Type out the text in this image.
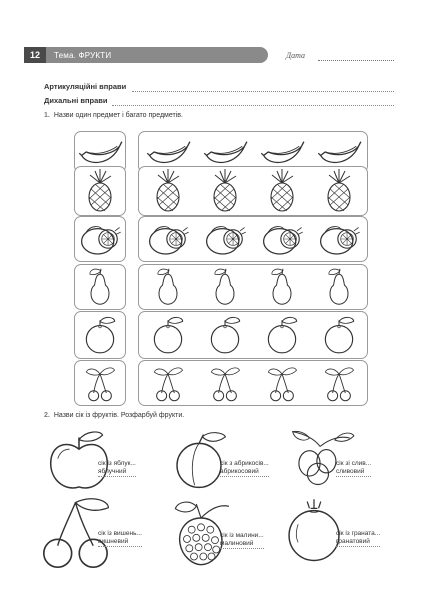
12	Тема. ФРУКТИ	Дата
Артикуляційні вправи
Дихальні вправи
1. Назви один предмет і багато предметів.
2. Назви сік із фруктів. Розфарбуй фрукти.
сік із яблук...
яблучний
сік з абрикосів...
абрикосовий
сік зі слив...
сливовий
сік із вишень...
вишневий
сік із малини...
малиновий
сік із граната...
гранатовий
